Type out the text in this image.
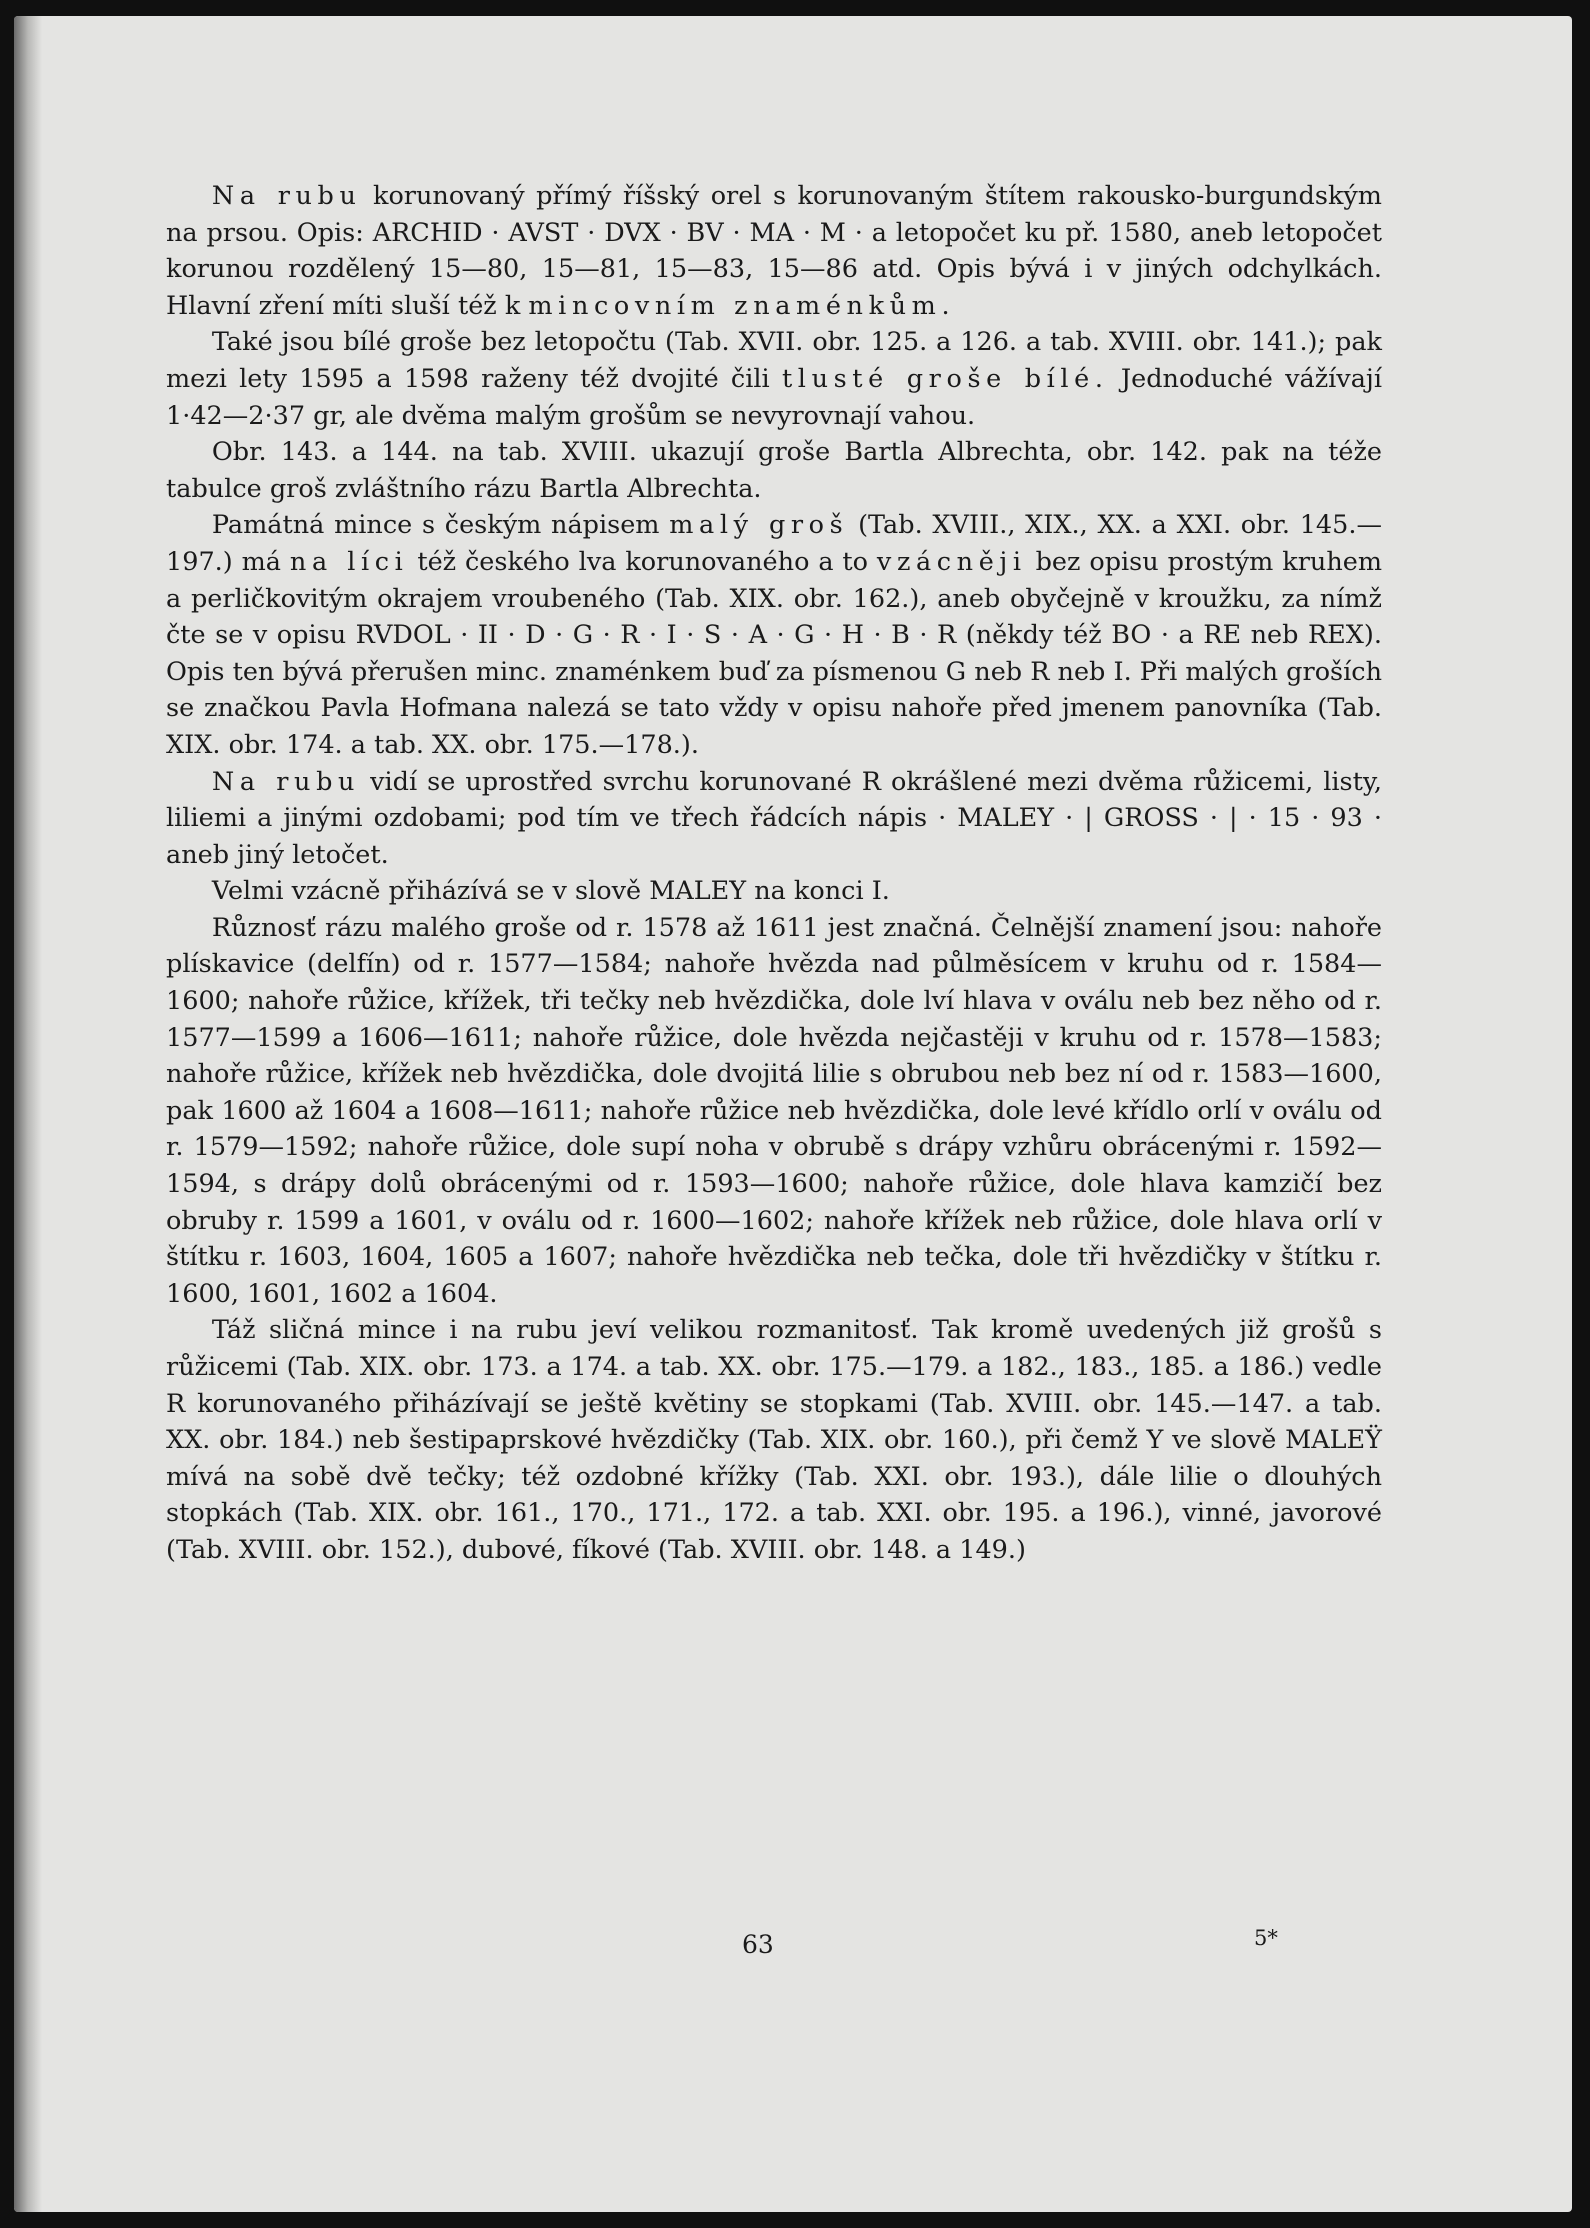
Na rubu korunovaný přímý říšský orel s korunovaným štítem rakousko-burgundským na prsou. Opis: ARCHID · AVST · DVX · BV · MA · M · a letopočet ku př. 1580, aneb letopočet korunou rozdělený 15—80, 15—81, 15—83, 15—86 atd. Opis bývá i v jiných odchylkách. Hlavní zření míti sluší též k mincovním znaménkům.

Také jsou bílé groše bez letopočtu (Tab. XVII. obr. 125. a 126. a tab. XVIII. obr. 141.); pak mezi lety 1595 a 1598 raženy též dvojité čili tlusté groše bílé. Jednoduché vážívají 1·42—2·37 gr, ale dvěma malým grošům se nevyrovnají vahou.

Obr. 143. a 144. na tab. XVIII. ukazují groše Bartla Albrechta, obr. 142. pak na téže tabulce groš zvláštního rázu Bartla Albrechta.

Památná mince s českým nápisem malý groš (Tab. XVIII., XIX., XX. a XXI. obr. 145.—197.) má na líci též českého lva korunovaného a to vzácněji bez opisu prostým kruhem a perličkovitým okrajem vroubeného (Tab. XIX. obr. 162.), aneb obyčejně v kroužku, za nímž čte se v opisu RVDOL · II · D · G · R · I · S · A · G · H · B · R (někdy též BO · a RE neb REX). Opis ten bývá přerušen minc. znaménkem buď za písmenou G neb R neb I. Při malých groších se značkou Pavla Hofmana nalezá se tato vždy v opisu nahoře před jmenem panovníka (Tab. XIX. obr. 174. a tab. XX. obr. 175.—178.).

Na rubu vidí se uprostřed svrchu korunované R okrášlené mezi dvěma růžicemi, listy, liliemi a jinými ozdobami; pod tím ve třech řádcích nápis · MALEY · | GROSS · | · 15 · 93 · aneb jiný letočet.

Velmi vzácně přiházívá se v slově MALEY na konci I.

Různosť rázu malého groše od r. 1578 až 1611 jest značná. Čelnější znamení jsou: nahoře plískavice (delfín) od r. 1577—1584; nahoře hvězda nad půlměsícem v kruhu od r. 1584—1600; nahoře růžice, křížek, tři tečky neb hvězdička, dole lví hlava v oválu neb bez něho od r. 1577—1599 a 1606—1611; nahoře růžice, dole hvězda nejčastěji v kruhu od r. 1578—1583; nahoře růžice, křížek neb hvězdička, dole dvojitá lilie s obrubou neb bez ní od r. 1583—1600, pak 1600 až 1604 a 1608—1611; nahoře růžice neb hvězdička, dole levé křídlo orlí v oválu od r. 1579—1592; nahoře růžice, dole supí noha v obrubě s drápy vzhůru obrácenými r. 1592—1594, s drápy dolů obrácenými od r. 1593—1600; nahoře růžice, dole hlava kamzičí bez obruby r. 1599 a 1601, v oválu od r. 1600—1602; nahoře křížek neb růžice, dole hlava orlí v štítku r. 1603, 1604, 1605 a 1607; nahoře hvězdička neb tečka, dole tři hvězdičky v štítku r. 1600, 1601, 1602 a 1604.

Táž sličná mince i na rubu jeví velikou rozmanitosť. Tak kromě uvedených již grošů s růžicemi (Tab. XIX. obr. 173. a 174. a tab. XX. obr. 175.—179. a 182., 183., 185. a 186.) vedle R korunovaného přiházívají se ještě květiny se stopkami (Tab. XVIII. obr. 145.—147. a tab. XX. obr. 184.) neb šestipaprskové hvězdičky (Tab. XIX. obr. 160.), při čemž Y ve slově MALEŸ mívá na sobě dvě tečky; též ozdobné křížky (Tab. XXI. obr. 193.), dále lilie o dlouhých stopkách (Tab. XIX. obr. 161., 170., 171., 172. a tab. XXI. obr. 195. a 196.), vinné, javorové (Tab. XVIII. obr. 152.), dubové, fíkové (Tab. XVIII. obr. 148. a 149.)

63	5*
